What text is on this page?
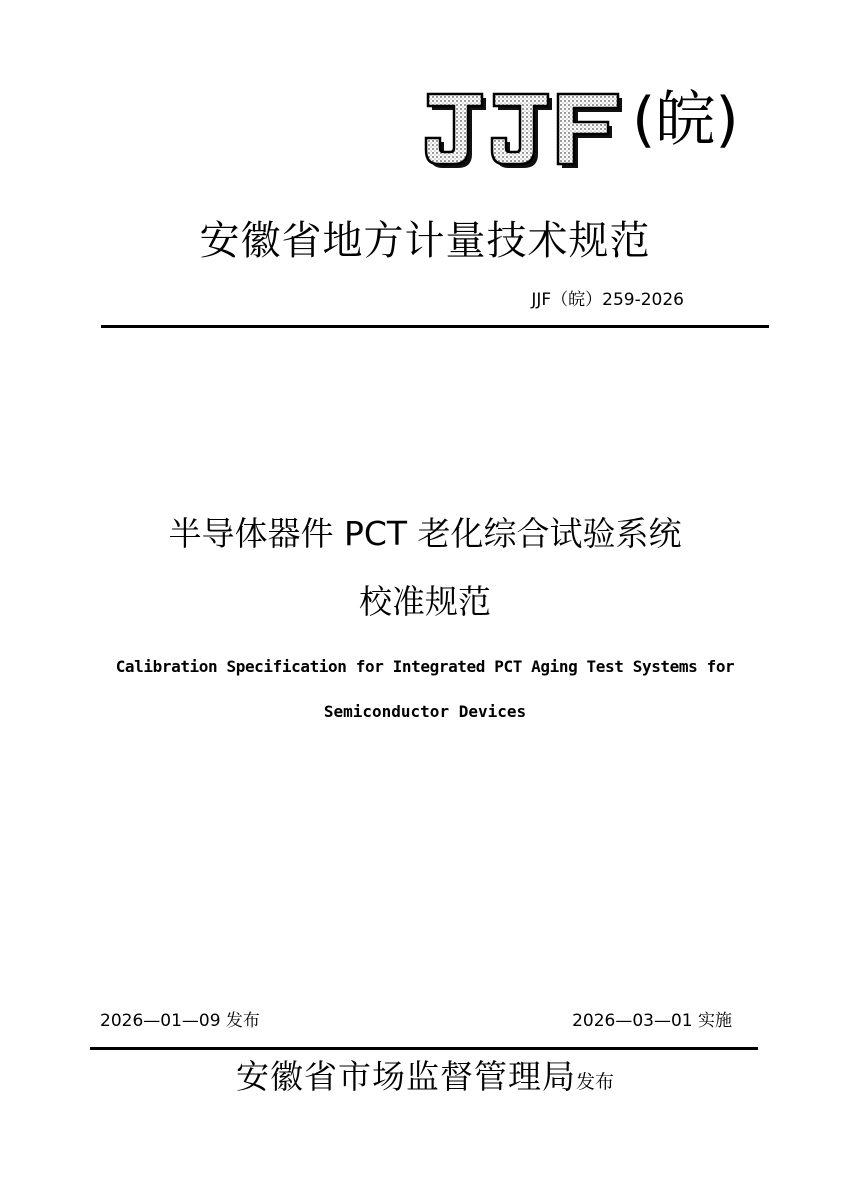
(皖)
安徽省地方计量技术规范
JJF（皖）259-2026
半导体器件 PCT 老化综合试验系统
校准规范
Calibration Specification for Integrated PCT Aging Test Systems for
Semiconductor Devices
2026—01—09 发布	2026—03—01 实施
安徽省市场监督管理局发布
